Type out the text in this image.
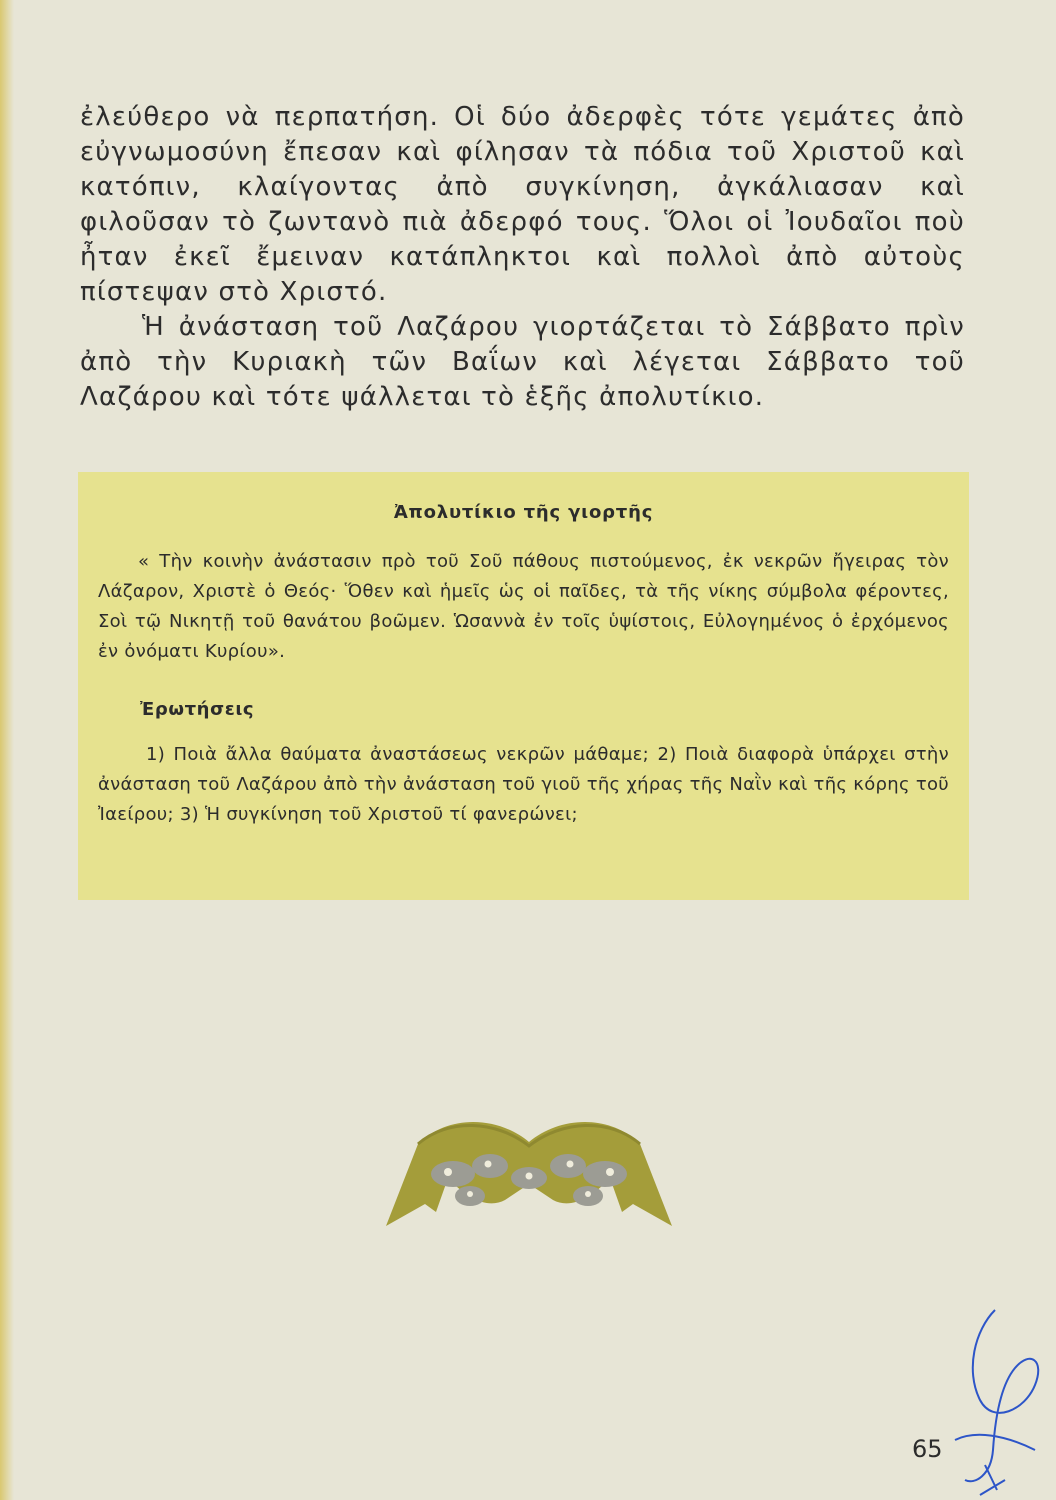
ἐλεύθερο νὰ περπατήση. Οἱ δύο ἀδερφὲς τότε γεμάτες ἀπὸ εὐγνωμοσύνη ἔπεσαν καὶ φίλησαν τὰ πόδια τοῦ Χριστοῦ καὶ κατόπιν, κλαίγοντας ἀπὸ συγκίνηση, ἀγκάλιασαν καὶ φιλοῦσαν τὸ ζωντανὸ πιὰ ἀδερφό τους. Ὅλοι οἱ Ἰουδαῖοι ποὺ ἦταν ἐκεῖ ἔμειναν κατάπληκτοι καὶ πολλοὶ ἀπὸ αὐτοὺς πίστεψαν στὸ Χριστό.

Ἡ ἀνάσταση τοῦ Λαζάρου γιορτάζεται τὸ Σάββατο πρὶν ἀπὸ τὴν Κυριακὴ τῶν Βαΐων καὶ λέγεται Σάββατο τοῦ Λαζάρου καὶ τότε ψάλλεται τὸ ἑξῆς ἀπολυτίκιο.

Ἀπολυτίκιο τῆς γιορτῆς
« Τὴν κοινὴν ἀνάστασιν πρὸ τοῦ Σοῦ πάθους πιστούμενος, ἐκ νεκρῶν ἤγειρας τὸν Λάζαρον, Χριστὲ ὁ Θεός· Ὅθεν καὶ ἡμεῖς ὡς οἱ παῖδες, τὰ τῆς νίκης σύμβολα φέροντες, Σοὶ τῷ Νικητῇ τοῦ θανάτου βοῶμεν. Ὡσαννὰ ἐν τοῖς ὑψίστοις, Εὐλογημένος ὁ ἐρχόμενος ἐν ὀνόματι Κυρίου».
Ἐρωτήσεις
1) Ποιὰ ἄλλα θαύματα ἀναστάσεως νεκρῶν μάθαμε; 2) Ποιὰ διαφορὰ ὑπάρχει στὴν ἀνάσταση τοῦ Λαζάρου ἀπὸ τὴν ἀνάσταση τοῦ γιοῦ τῆς χήρας τῆς Ναῒν καὶ τῆς κόρης τοῦ Ἰαείρου; 3) Ἡ συγκίνηση τοῦ Χριστοῦ τί φανερώνει;
65
